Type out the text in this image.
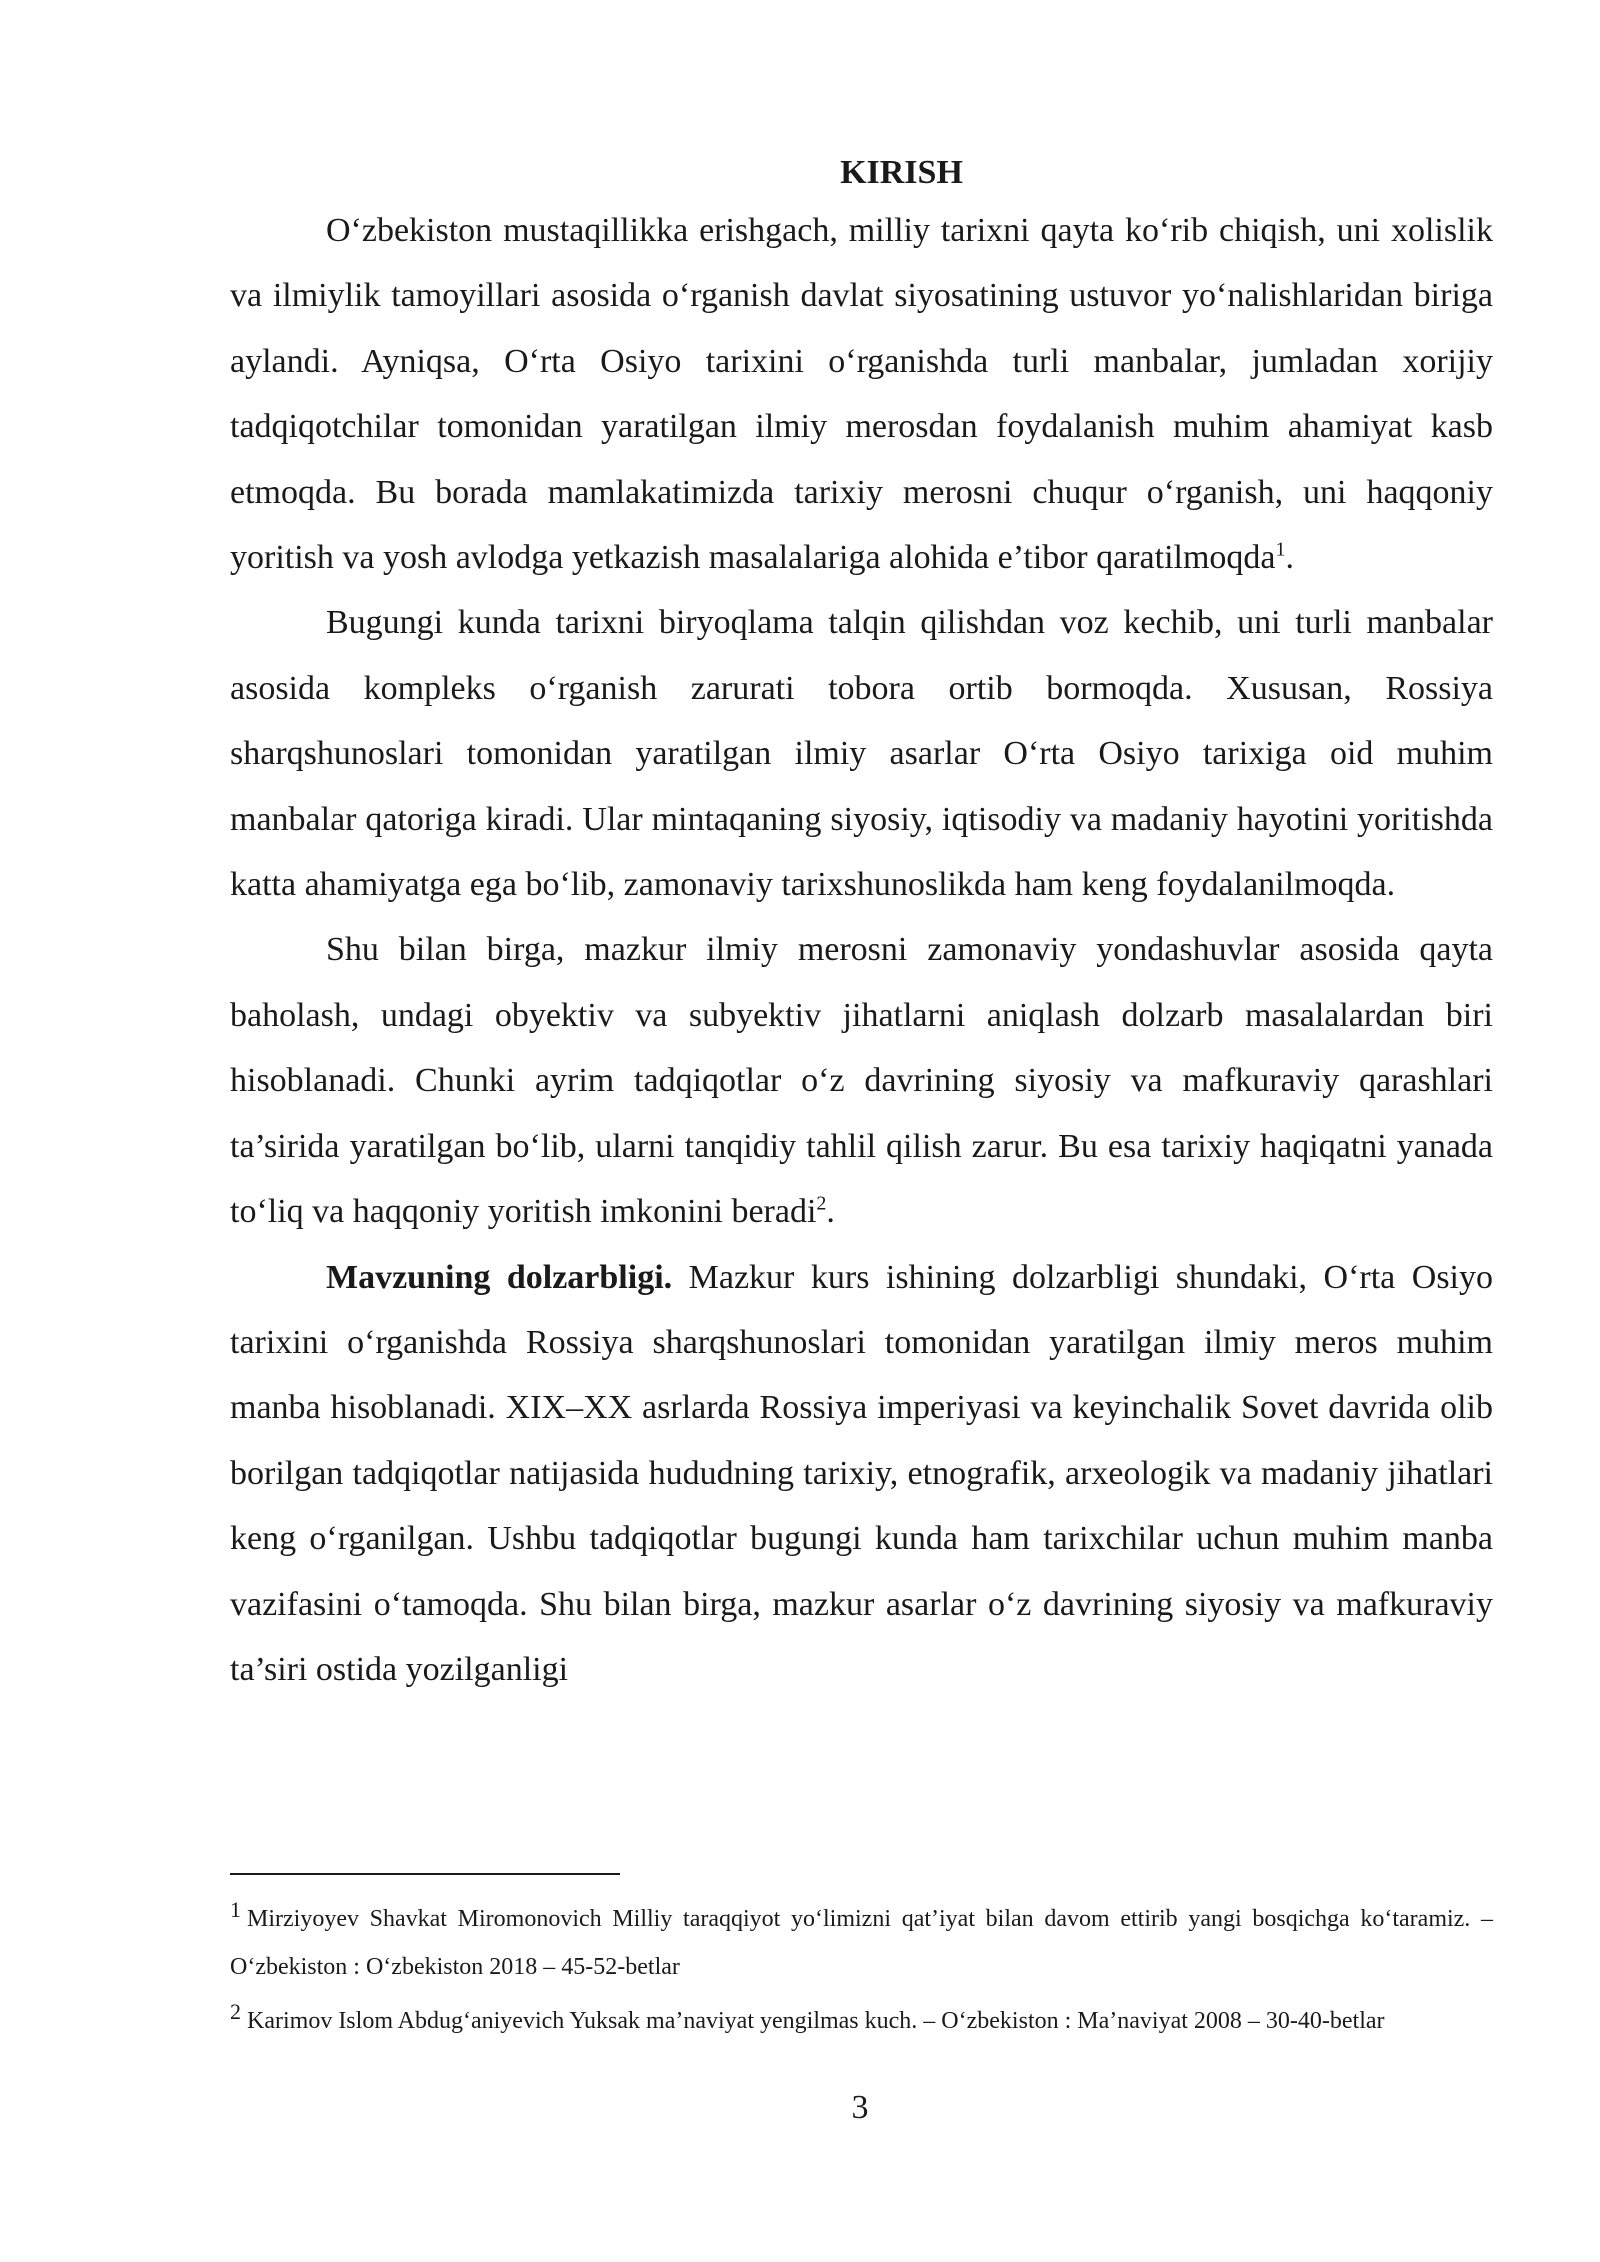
KIRISH

O‘zbekiston mustaqillikka erishgach, milliy tarixni qayta ko‘rib chiqish, uni xolislik va ilmiylik tamoyillari asosida o‘rganish davlat siyosatining ustuvor yo‘nalishlaridan biriga aylandi. Ayniqsa, O‘rta Osiyo tarixini o‘rganishda turli manbalar, jumladan xorijiy tadqiqotchilar tomonidan yaratilgan ilmiy merosdan foydalanish muhim ahamiyat kasb etmoqda. Bu borada mamlakatimizda tarixiy merosni chuqur o‘rganish, uni haqqoniy yoritish va yosh avlodga yetkazish masalalariga alohida e’tibor qaratilmoqda$^1$.

Bugungi kunda tarixni biryoqlama talqin qilishdan voz kechib, uni turli manbalar asosida kompleks o‘rganish zarurati tobora ortib bormoqda. Xususan, Rossiya sharqshunoslari tomonidan yaratilgan ilmiy asarlar O‘rta Osiyo tarixiga oid muhim manbalar qatoriga kiradi. Ular mintaqaning siyosiy, iqtisodiy va madaniy hayotini yoritishda katta ahamiyatga ega bo‘lib, zamonaviy tarixshunoslikda ham keng foydalanilmoqda.

Shu bilan birga, mazkur ilmiy merosni zamonaviy yondashuvlar asosida qayta baholash, undagi obyektiv va subyektiv jihatlarni aniqlash dolzarb masalalardan biri hisoblanadi. Chunki ayrim tadqiqotlar o‘z davrining siyosiy va mafkuraviy qarashlari ta’sirida yaratilgan bo‘lib, ularni tanqidiy tahlil qilish zarur. Bu esa tarixiy haqiqatni yanada to‘liq va haqqoniy yoritish imkonini beradi$^2$.

Mavzuning dolzarbligi. Mazkur kurs ishining dolzarbligi shundaki, O‘rta Osiyo tarixini o‘rganishda Rossiya sharqshunoslari tomonidan yaratilgan ilmiy meros muhim manba hisoblanadi. XIX–XX asrlarda Rossiya imperiyasi va keyinchalik Sovet davrida olib borilgan tadqiqotlar natijasida hududning tarixiy, etnografik, arxeologik va madaniy jihatlari keng o‘rganilgan. Ushbu tadqiqotlar bugungi kunda ham tarixchilar uchun muhim manba vazifasini o‘tamoqda. Shu bilan birga, mazkur asarlar o‘z davrining siyosiy va mafkuraviy ta’siri ostida yozilganligi

1 Mirziyoyev Shavkat Miromonovich Milliy taraqqiyot yo‘limizni qat’iyat bilan davom ettirib yangi bosqichga ko‘taramiz. – O‘zbekiston : O‘zbekiston 2018 – 45-52-betlar

2 Karimov Islom Abdug‘aniyevich Yuksak ma’naviyat yengilmas kuch. – O‘zbekiston : Ma’naviyat 2008 – 30-40-betlar

3
